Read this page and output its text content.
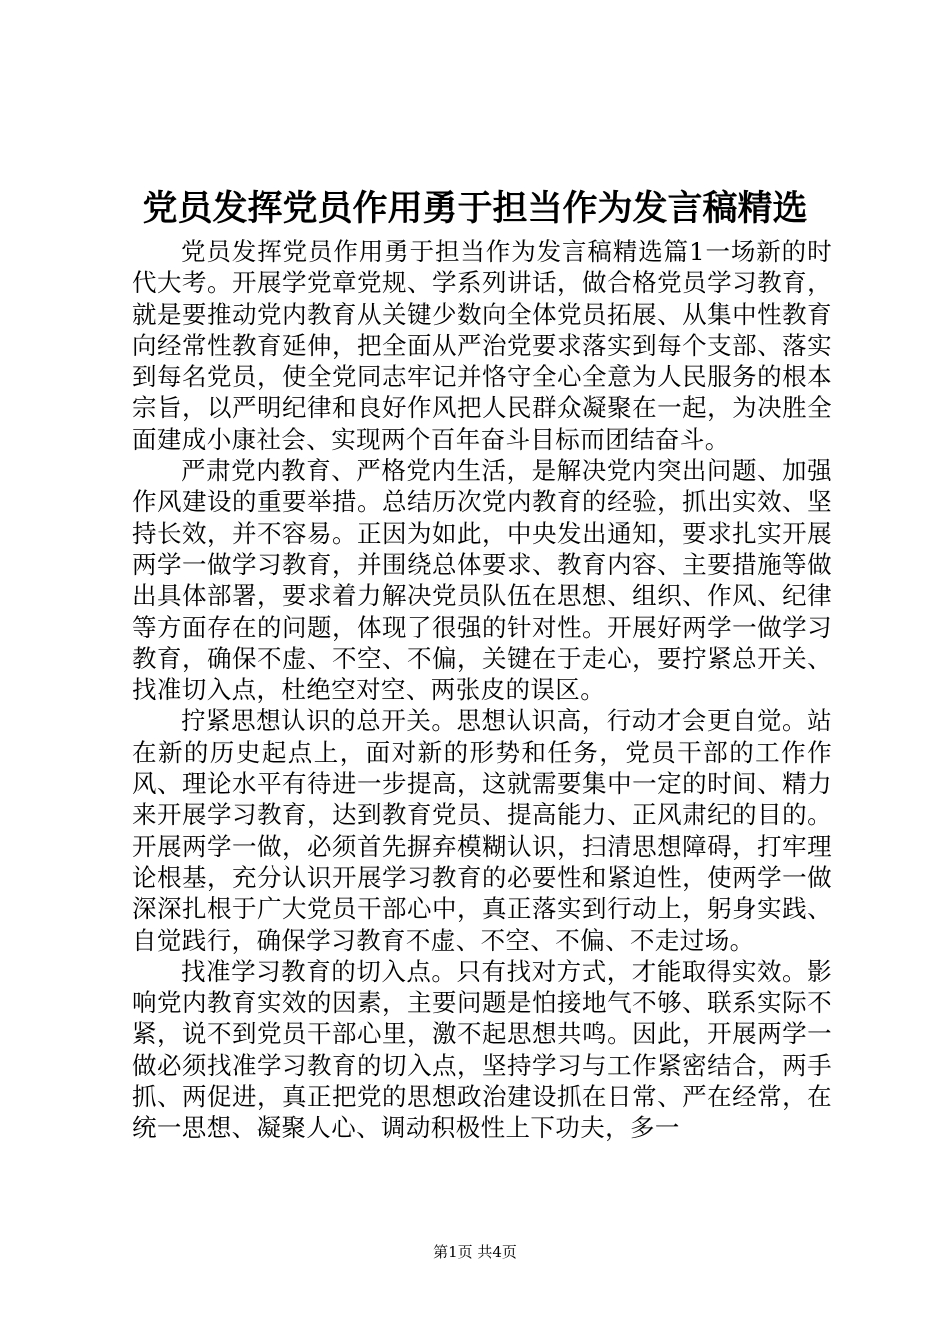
党员发挥党员作用勇于担当作为发言稿精选

党员发挥党员作用勇于担当作为发言稿精选篇1一场新的时代大考。开展学党章党规、学系列讲话，做合格党员学习教育，就是要推动党内教育从关键少数向全体党员拓展、从集中性教育向经常性教育延伸，把全面从严治党要求落实到每个支部、落实到每名党员，使全党同志牢记并恪守全心全意为人民服务的根本宗旨，以严明纪律和良好作风把人民群众凝聚在一起，为决胜全面建成小康社会、实现两个百年奋斗目标而团结奋斗。

严肃党内教育、严格党内生活，是解决党内突出问题、加强作风建设的重要举措。总结历次党内教育的经验，抓出实效、坚持长效，并不容易。正因为如此，中央发出通知，要求扎实开展两学一做学习教育，并围绕总体要求、教育内容、主要措施等做出具体部署，要求着力解决党员队伍在思想、组织、作风、纪律等方面存在的问题，体现了很强的针对性。开展好两学一做学习教育，确保不虚、不空、不偏，关键在于走心，要拧紧总开关、找准切入点，杜绝空对空、两张皮的误区。

拧紧思想认识的总开关。思想认识高，行动才会更自觉。站在新的历史起点上，面对新的形势和任务，党员干部的工作作风、理论水平有待进一步提高，这就需要集中一定的时间、精力来开展学习教育，达到教育党员、提高能力、正风肃纪的目的。开展两学一做，必须首先摒弃模糊认识，扫清思想障碍，打牢理论根基，充分认识开展学习教育的必要性和紧迫性，使两学一做深深扎根于广大党员干部心中，真正落实到行动上，躬身实践、自觉践行，确保学习教育不虚、不空、不偏、不走过场。

找准学习教育的切入点。只有找对方式，才能取得实效。影响党内教育实效的因素，主要问题是怕接地气不够、联系实际不紧，说不到党员干部心里，激不起思想共鸣。因此，开展两学一做必须找准学习教育的切入点，坚持学习与工作紧密结合，两手抓、两促进，真正把党的思想政治建设抓在日常、严在经常，在统一思想、凝聚人心、调动积极性上下功夫，多一

第1页 共4页
